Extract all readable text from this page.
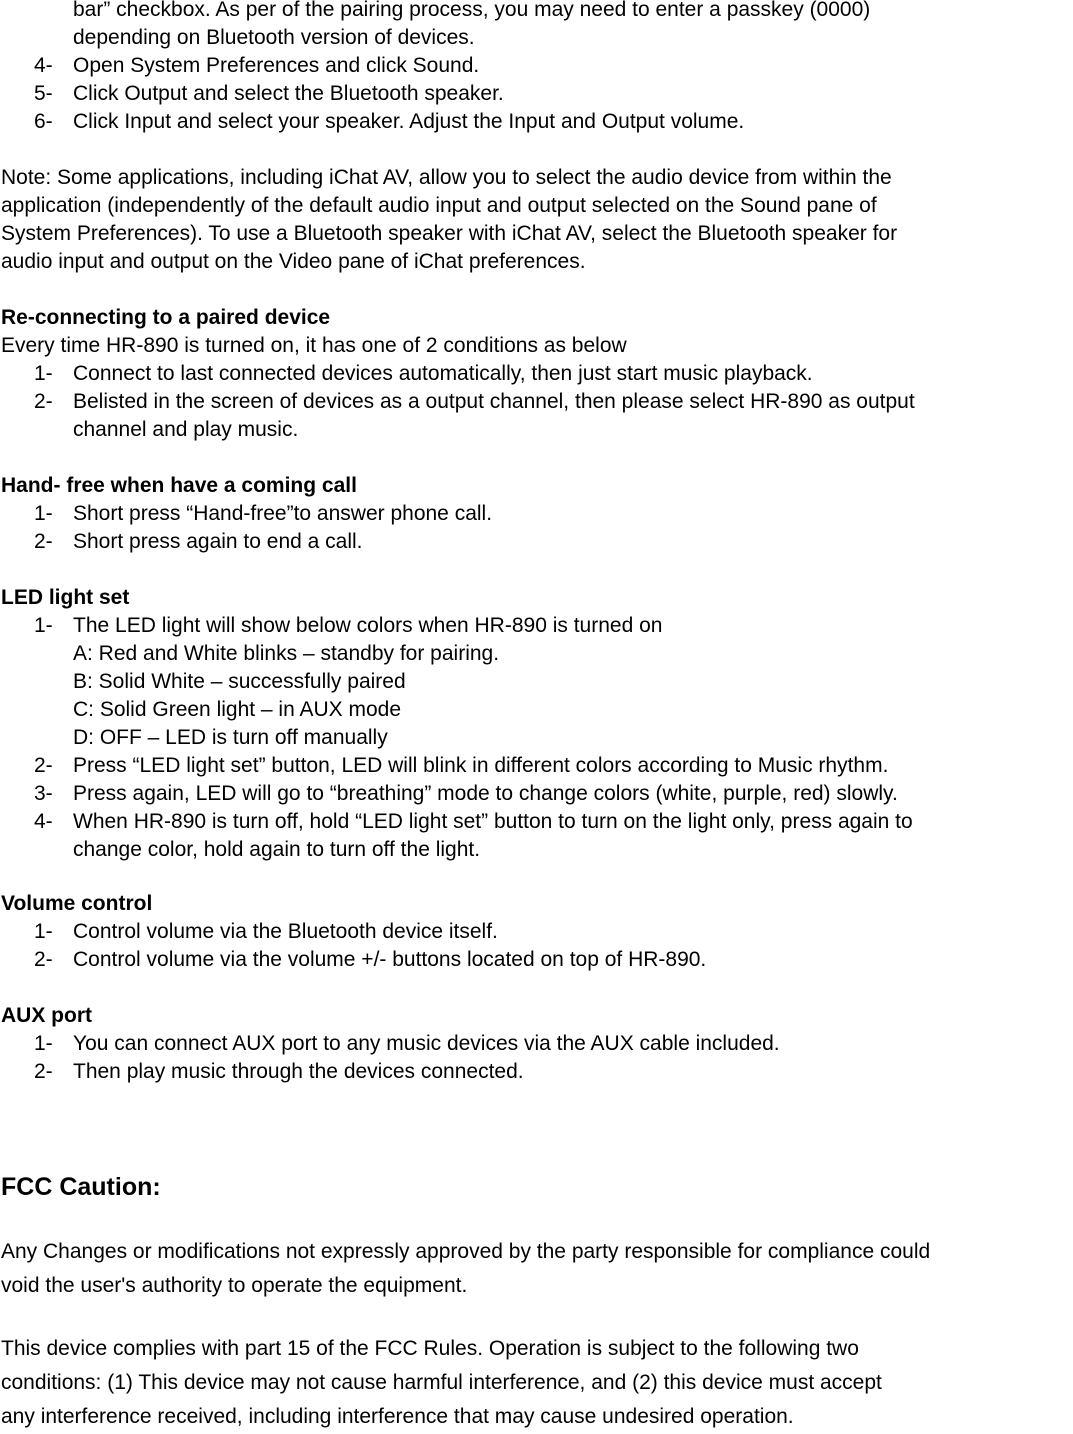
bar” checkbox. As per of the pairing process, you may need to enter a passkey (0000)
depending on Bluetooth version of devices.
4- Open System Preferences and click Sound.
5- Click Output and select the Bluetooth speaker.
6- Click Input and select your speaker. Adjust the Input and Output volume.
Note: Some applications, including iChat AV, allow you to select the audio device from within the
application (independently of the default audio input and output selected on the Sound pane of
System Preferences). To use a Bluetooth speaker with iChat AV, select the Bluetooth speaker for
audio input and output on the Video pane of iChat preferences.
Re-connecting to a paired device
Every time HR-890 is turned on, it has one of 2 conditions as below
1- Connect to last connected devices automatically, then just start music playback.
2- Belisted in the screen of devices as a output channel, then please select HR-890 as output
channel and play music.
Hand- free when have a coming call
1- Short press “Hand-free”to answer phone call.
2- Short press again to end a call.
LED light set
1- The LED light will show below colors when HR-890 is turned on
A: Red and White blinks – standby for pairing.
B: Solid White – successfully paired
C: Solid Green light – in AUX mode
D: OFF – LED is turn off manually
2- Press “LED light set” button, LED will blink in different colors according to Music rhythm.
3- Press again, LED will go to “breathing” mode to change colors (white, purple, red) slowly.
4- When HR-890 is turn off, hold “LED light set” button to turn on the light only, press again to
change color, hold again to turn off the light.
Volume control
1- Control volume via the Bluetooth device itself.
2- Control volume via the volume +/- buttons located on top of HR-890.
AUX port
1- You can connect AUX port to any music devices via the AUX cable included.
2- Then play music through the devices connected.
FCC Caution:
Any Changes or modifications not expressly approved by the party responsible for compliance could
void the user's authority to operate the equipment.
This device complies with part 15 of the FCC Rules. Operation is subject to the following two
conditions: (1) This device may not cause harmful interference, and (2) this device must accept
any interference received, including interference that may cause undesired operation.
